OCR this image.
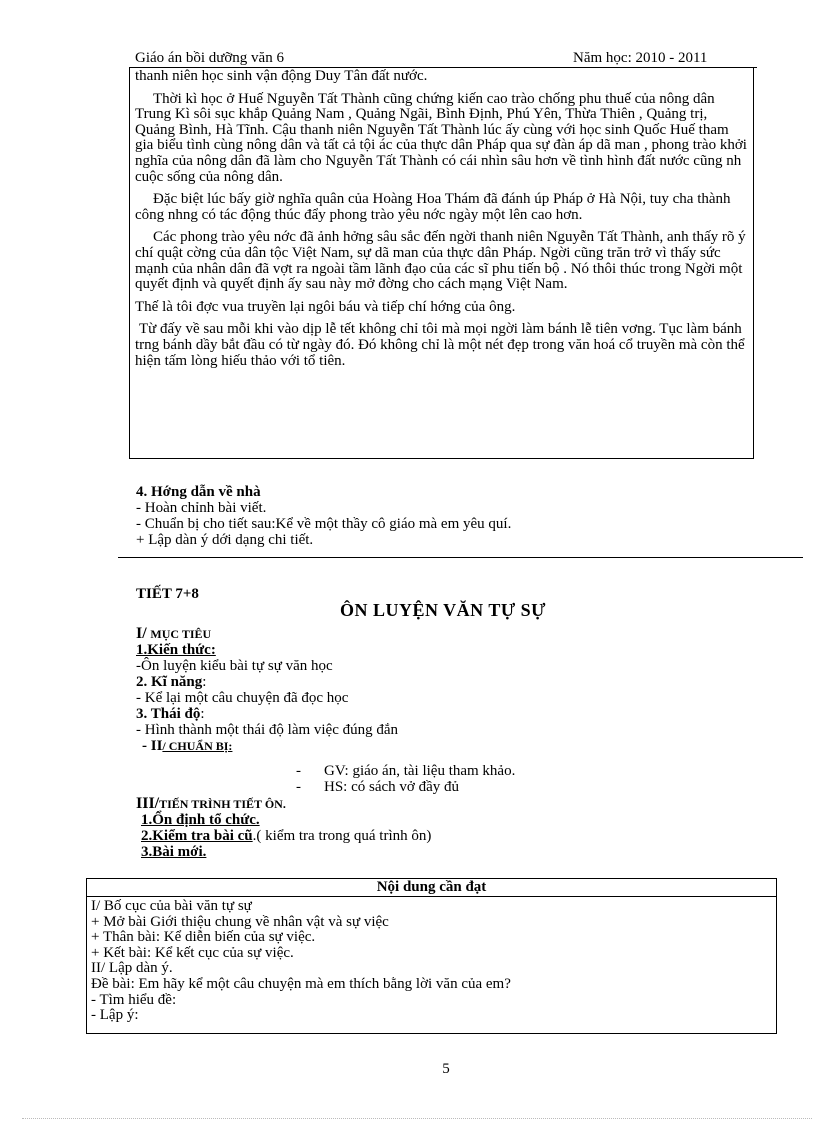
Giáo án bồi dưỡng văn 6	Năm học: 2010 - 2011

thanh niên học sinh vận động Duy Tân đất nước.

Thời kì học ở Huế Nguyễn Tất Thành cũng chứng kiến cao trào chống phu thuế của nông dân Trung Kì sôi sục khắp Quảng Nam , Quảng Ngãi, Bình Định, Phú Yên, Thừa Thiên , Quảng trị, Quảng Bình, Hà Tĩnh. Cậu thanh niên Nguyễn Tất Thành lúc ấy cùng với học sinh Quốc Huế tham gia biểu tình cùng nông dân và tất cả tội ác của thực dân Pháp qua sự đàn áp dã man , phong trào khởi nghĩa của nông dân đã làm cho Nguyễn Tất Thành có cái nhìn sâu hơn về tình hình đất nước cũng nh cuộc sống của nông dân.

Đặc biệt lúc bấy giờ nghĩa quân của Hoàng Hoa Thám đã đánh úp Pháp ở Hà Nội, tuy cha thành công nhng có tác động thúc đẩy phong trào yêu nớc ngày một lên cao hơn.

Các phong trào yêu nớc đã ảnh hởng sâu sắc đến ngời thanh niên Nguyễn Tất Thành, anh thấy rõ ý chí quật cờng của dân tộc Việt Nam, sự dã man của thực dân Pháp. Ngời cũng trăn trở vì thấy sức mạnh của nhân dân đã vợt ra ngoài tầm lãnh đạo của các sĩ phu tiến bộ . Nó thôi thúc trong Ngời một quyết định và quyết định ấy sau này mở đờng cho cách mạng Việt Nam.

Thế là tôi đợc vua truyền lại ngôi báu và tiếp chí hớng của ông.

Từ đấy về sau mỗi khi vào dịp lễ tết không chỉ tôi mà mọi ngời làm bánh lễ tiên vơng. Tục làm bánh trng bánh dầy bắt đầu có từ ngày đó. Đó không chỉ là một nét đẹp trong văn hoá cổ truyền mà còn thể hiện tấm lòng hiếu thảo với tổ tiên.

4. Hớng dẫn về nhà

- Hoàn chỉnh bài viết.

- Chuẩn bị cho tiết sau:Kể về một thầy cô giáo mà em yêu quí.

+ Lập dàn ý dới dạng chi tiết.

TIẾT 7+8
ÔN LUYỆN VĂN TỰ SỰ

I/ MỤC TIÊU

1.Kiến thức:

-Ôn luyện kiểu bài tự sự văn học

2. Kĩ năng:

- Kể lại một câu chuyện đã đọc học

3. Thái độ:

- Hình thành một thái độ làm việc đúng đắn

- II/ CHUẨN BỊ:

- GV: giáo án, tài liệu tham khảo.

- HS: có sách vở đầy đủ

III/TIẾN TRÌNH TIẾT ÔN.

1.Ổn định tổ chức.

2.Kiểm tra bài cũ.( kiểm tra trong quá trình ôn)

3.Bài mới.

Nội dung cần đạt

I/ Bố cục của bài văn tự sự

+ Mở bài Giới thiệu chung về nhân vật và sự việc

+ Thân bài: Kể diễn biến của sự việc.

+ Kết bài: Kể kết cục của sự việc.

II/ Lập dàn ý.

Đề bài: Em hãy kể một câu chuyện mà em thích bằng lời văn của em?

- Tìm hiểu đề:

- Lập ý:

5
